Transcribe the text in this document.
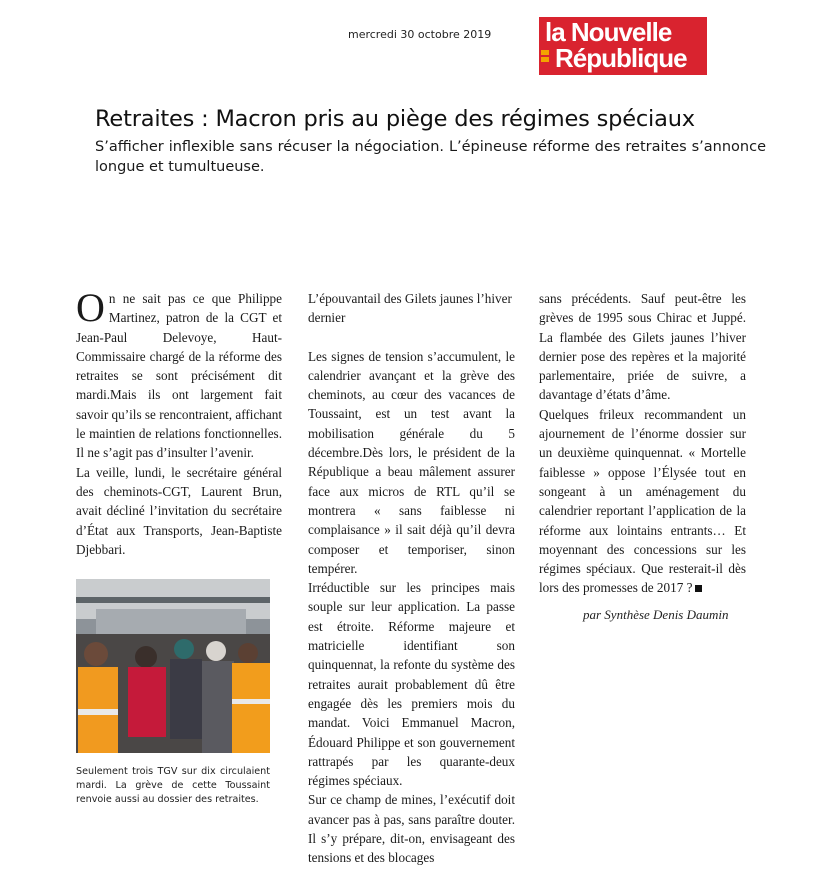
mercredi 30 octobre 2019 la Nouvelle
République
Retraites : Macron pris au piège des régimes spéciaux
S’afficher inflexible sans récuser la négociation. L’épineuse réforme des retraites s’annonce longue et tumultueuse.

On ne sait pas ce que Philippe Martinez, patron de la CGT et Jean-Paul Delevoye, Haut-Commissaire chargé de la réforme des retraites se sont précisément dit mardi.Mais ils ont largement fait savoir qu’ils se rencontraient, affichant le maintien de relations fonctionnelles. Il ne s’agit pas d’insulter l’avenir.

La veille, lundi, le secrétaire général des cheminots-CGT, Laurent Brun, avait décliné l’invitation du secrétaire d’État aux Transports, Jean-Baptiste Djebbari.

Seulement trois TGV sur dix circulaient mardi. La grève de cette Toussaint renvoie aussi au dossier des retraites.

L’épouvantail des Gilets jaunes l’hiver dernier

Les signes de tension s’accumulent, le calendrier avançant et la grève des cheminots, au cœur des vacances de Toussaint, est un test avant la mobilisation générale du 5 décembre.Dès lors, le président de la République a beau mâlement assurer face aux micros de RTL qu’il se montrera « sans faiblesse ni complaisance » il sait déjà qu’il devra composer et temporiser, sinon tempérer.

Irréductible sur les principes mais souple sur leur application. La passe est étroite. Réforme majeure et matricielle identifiant son quinquennat, la refonte du système des retraites aurait probablement dû être engagée dès les premiers mois du mandat. Voici Emmanuel Macron, Édouard Philippe et son gouvernement rattrapés par les quarante-deux régimes spéciaux.

Sur ce champ de mines, l’exécutif doit avancer pas à pas, sans paraître douter. Il s’y prépare, dit-on, envisageant des tensions et des blocages

sans précédents. Sauf peut-être les grèves de 1995 sous Chirac et Juppé. La flambée des Gilets jaunes l’hiver dernier pose des repères et la majorité parlementaire, priée de suivre, a davantage d’états d’âme.

Quelques frileux recommandent un ajournement de l’énorme dossier sur un deuxième quinquennat. « Mortelle faiblesse » oppose l’Élysée tout en songeant à un aménagement du calendrier reportant l’application de la réforme aux lointains entrants… Et moyennant des concessions sur les régimes spéciaux. Que resterait-il dès lors des promesses de 2017 ?

par Synthèse Denis Daumin
